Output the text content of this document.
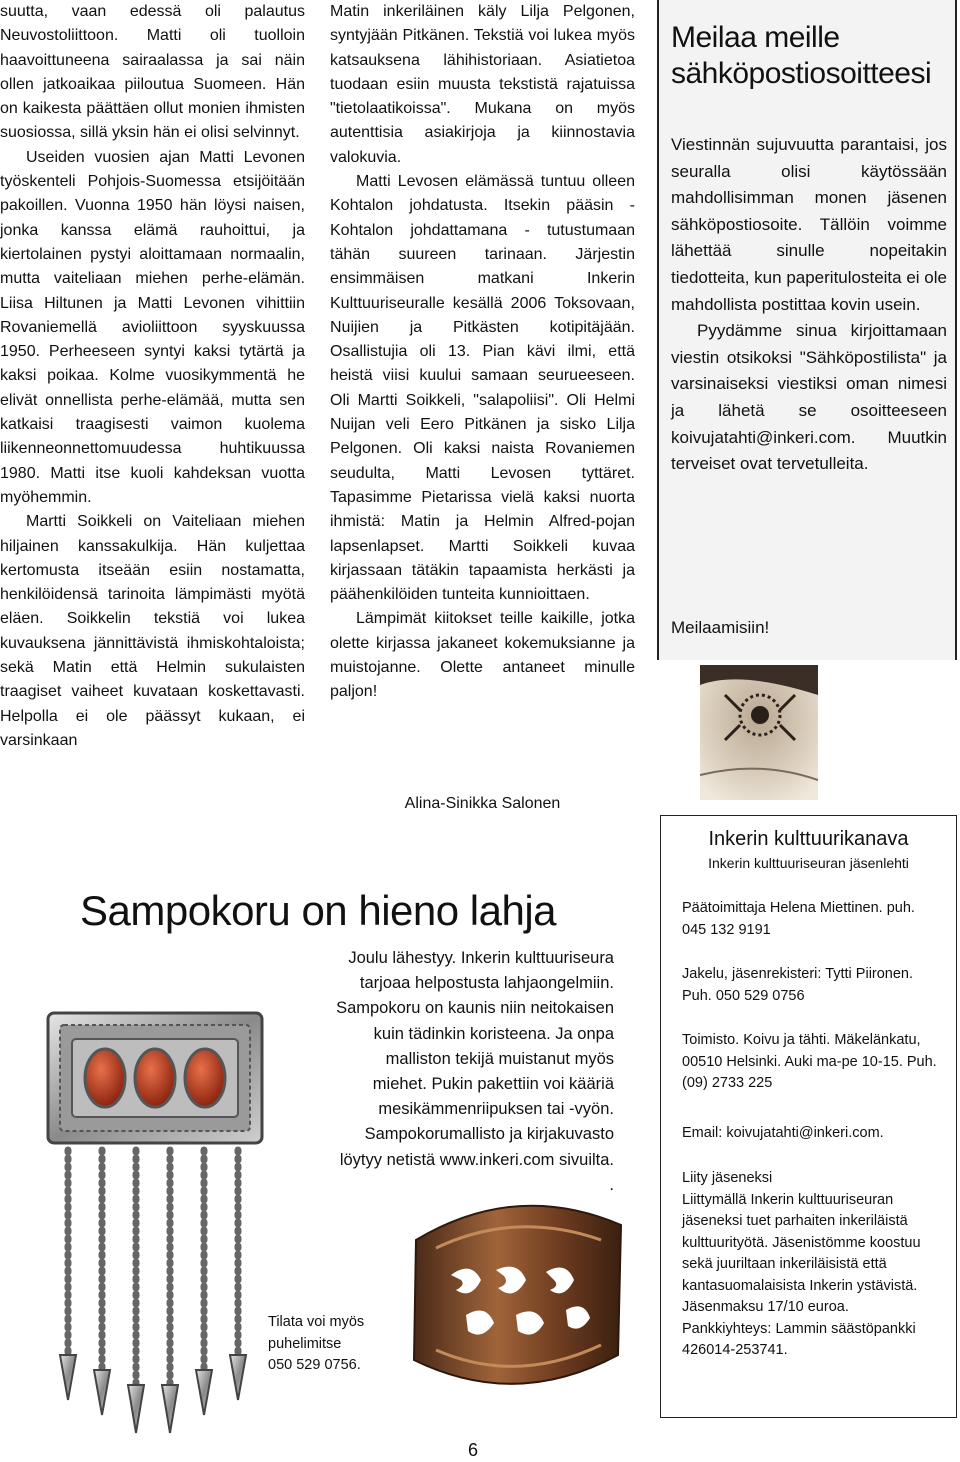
suutta, vaan edessä oli palautus Neuvostoliittoon. Matti oli tuolloin haavoittuneena sairaalassa ja sai näin ollen jatkoaikaa piiloutua Suomeen. Hän on kaikesta päättäen ollut monien ihmisten suosiossa, sillä yksin hän ei olisi selvinnyt.

Useiden vuosien ajan Matti Levonen työskenteli Pohjois-Suomessa etsijöitään pakoillen. Vuonna 1950 hän löysi naisen, jonka kanssa elämä rauhoittui, ja kiertolainen pystyi aloittamaan normaalin, mutta vaiteliaan miehen perhe-elämän. Liisa Hiltunen ja Matti Levonen vihittiin Rovaniemellä avioliittoon syyskuussa 1950. Perheeseen syntyi kaksi tytärtä ja kaksi poikaa. Kolme vuosikymmentä he elivät onnellista perhe-elämää, mutta sen katkaisi traagisesti vaimon kuolema liikenneonnettomuudessa huhtikuussa 1980. Matti itse kuoli kahdeksan vuotta myöhemmin.

Martti Soikkeli on Vaiteliaan miehen hiljainen kanssakulkija. Hän kuljettaa kertomusta itseään esiin nostamatta, henkilöidensä tarinoita lämpimästi myötä eläen. Soikkelin tekstiä voi lukea kuvauksena jännittävistä ihmiskohtaloista; sekä Matin että Helmin sukulaisten traagiset vaiheet kuvataan koskettavasti. Helpolla ei ole päässyt kukaan, ei varsinkaan

Matin inkeriläinen käly Lilja Pelgonen, syntyjään Pitkänen. Tekstiä voi lukea myös katsauksena lähihistoriaan. Asiatietoa tuodaan esiin muusta tekstistä rajatuissa "tietolaatikoissa". Mukana on myös autenttisia asiakirjoja ja kiinnostavia valokuvia.

Matti Levosen elämässä tuntuu olleen Kohtalon johdatusta. Itsekin pääsin - Kohtalon johdattamana - tutustumaan tähän suureen tarinaan. Järjestin ensimmäisen matkani Inkerin Kulttuuriseuralle kesällä 2006 Toksovaan, Nuijien ja Pitkästen kotipitäjään. Osallistujia oli 13. Pian kävi ilmi, että heistä viisi kuului samaan seurueeseen. Oli Martti Soikkeli, "salapoliisi". Oli Helmi Nuijan veli Eero Pitkänen ja sisko Lilja Pelgonen. Oli kaksi naista Rovaniemen seudulta, Matti Levosen tyttäret. Tapasimme Pietarissa vielä kaksi nuorta ihmistä: Matin ja Helmin Alfred-pojan lapsenlapset. Martti Soikkeli kuvaa kirjassaan tätäkin tapaamista herkästi ja päähenkilöiden tunteita kunnioittaen.

Lämpimät kiitokset teille kaikille, jotka olette kirjassa jakaneet kokemuksianne ja muistojanne. Olette antaneet minulle paljon!

Alina-Sinikka Salonen
Meilaa meille
sähköpostiosoitteesi

Viestinnän sujuvuutta parantaisi, jos seuralla olisi käytössään mahdollisimman monen jäsenen sähköpostiosoite. Tällöin voimme lähettää sinulle nopeitakin tiedotteita, kun paperitulosteita ei ole mahdollista postittaa kovin usein.

Pyydämme sinua kirjoittamaan viestin otsikoksi "Sähköpostilista" ja varsinaiseksi viestiksi oman nimesi ja lähetä se osoitteeseen koivujatahti@inkeri.com. Muutkin terveiset ovat tervetulleita.

Meilaamisiin!
Inkerin kulttuurikanava
Inkerin kulttuuriseuran jäsenlehti
Päätoimittaja Helena Miettinen. puh. 045 132 9191
Jakelu, jäsenrekisteri: Tytti Piironen. Puh. 050 529 0756
Toimisto. Koivu ja tähti. Mäkelänkatu, 00510 Helsinki. Auki ma-pe 10-15. Puh. (09) 2733 225
Email: koivujatahti@inkeri.com.

Liity jäseneksi

Liittymällä Inkerin kulttuuriseuran jäseneksi tuet parhaiten inkeriläistä kulttuurityötä. Jäsenistömme koostuu sekä juuriltaan inkeriläisistä että kantasuomalaisista Inkerin ystävistä.

Jäsenmaksu 17/10 euroa.

Pankkiyhteys: Lammin säästöpankki 426014-253741.

Sampokoru on hieno lahja

Joulu lähestyy. Inkerin kulttuuriseura

tarjoaa helpostusta lahjaongelmiin.

Sampokoru on kaunis niin neitokaisen

kuin tädinkin koristeena. Ja onpa

malliston tekijä muistanut myös

miehet. Pukin pakettiin voi kääriä

mesikämmenriipuksen tai -vyön.

Sampokorumallisto ja kirjakuvasto

löytyy netistä www.inkeri.com sivuilta.

.

Tilata voi myös

puhelimitse

050 529 0756.

6
